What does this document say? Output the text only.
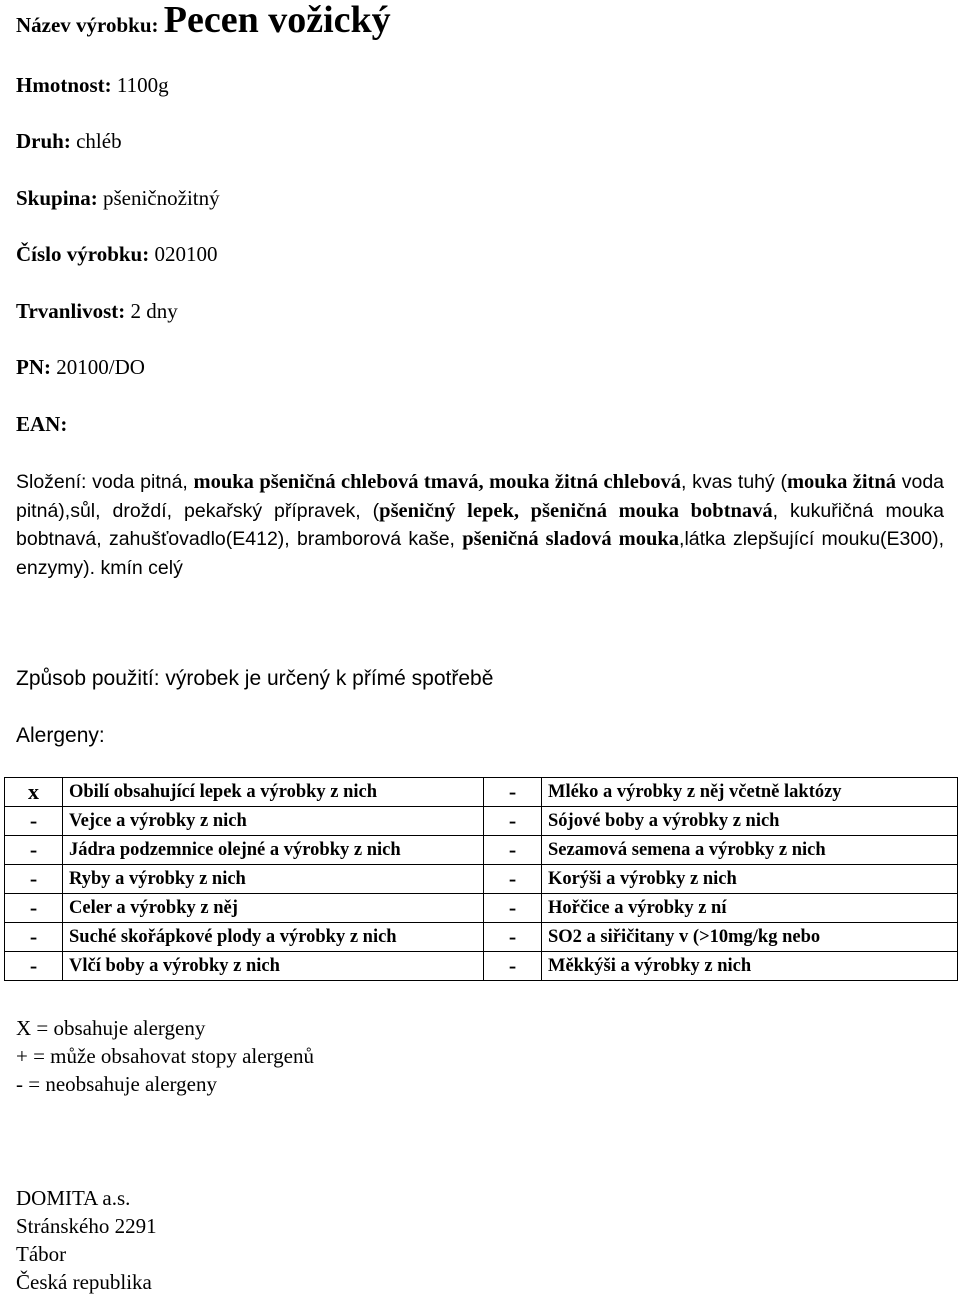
Název výrobku: Pecen vožický
Hmotnost: 1100g
Druh: chléb
Skupina: pšeničnožitný
Číslo výrobku: 020100
Trvanlivost: 2 dny
PN: 20100/DO
EAN:
Složení: voda pitná, mouka pšeničná chlebová tmavá, mouka žitná chlebová, kvas tuhý (mouka žitná voda pitná),sůl, droždí, pekařský přípravek, (pšeničný lepek, pšeničná mouka bobtnavá, kukuřičná mouka bobtnavá, zahušťovadlo(E412), bramborová kaše, pšeničná sladová mouka,látka zlepšující mouku(E300), enzymy). kmín celý
Způsob použití: výrobek je určený k přímé spotřebě
Alergeny:
x	Obilí obsahující lepek a výrobky z nich	-	Mléko a výrobky z něj včetně laktózy
-	Vejce a výrobky z nich	-	Sójové boby a výrobky z nich
-	Jádra podzemnice olejné a výrobky z nich	-	Sezamová semena a výrobky z nich
-	Ryby a výrobky z nich	-	Korýši a výrobky z nich
-	Celer a výrobky z něj	-	Hořčice a výrobky z ní
-	Suché skořápkové plody a výrobky z nich	-	SO2 a siřičitany v (>10mg/kg nebo
-	Vlčí boby a výrobky z nich	-	Měkkýši a výrobky z nich
X = obsahuje alergeny
+ = může obsahovat stopy alergenů
- = neobsahuje alergeny
DOMITA a.s.
Stránského 2291
Tábor
Česká republika
